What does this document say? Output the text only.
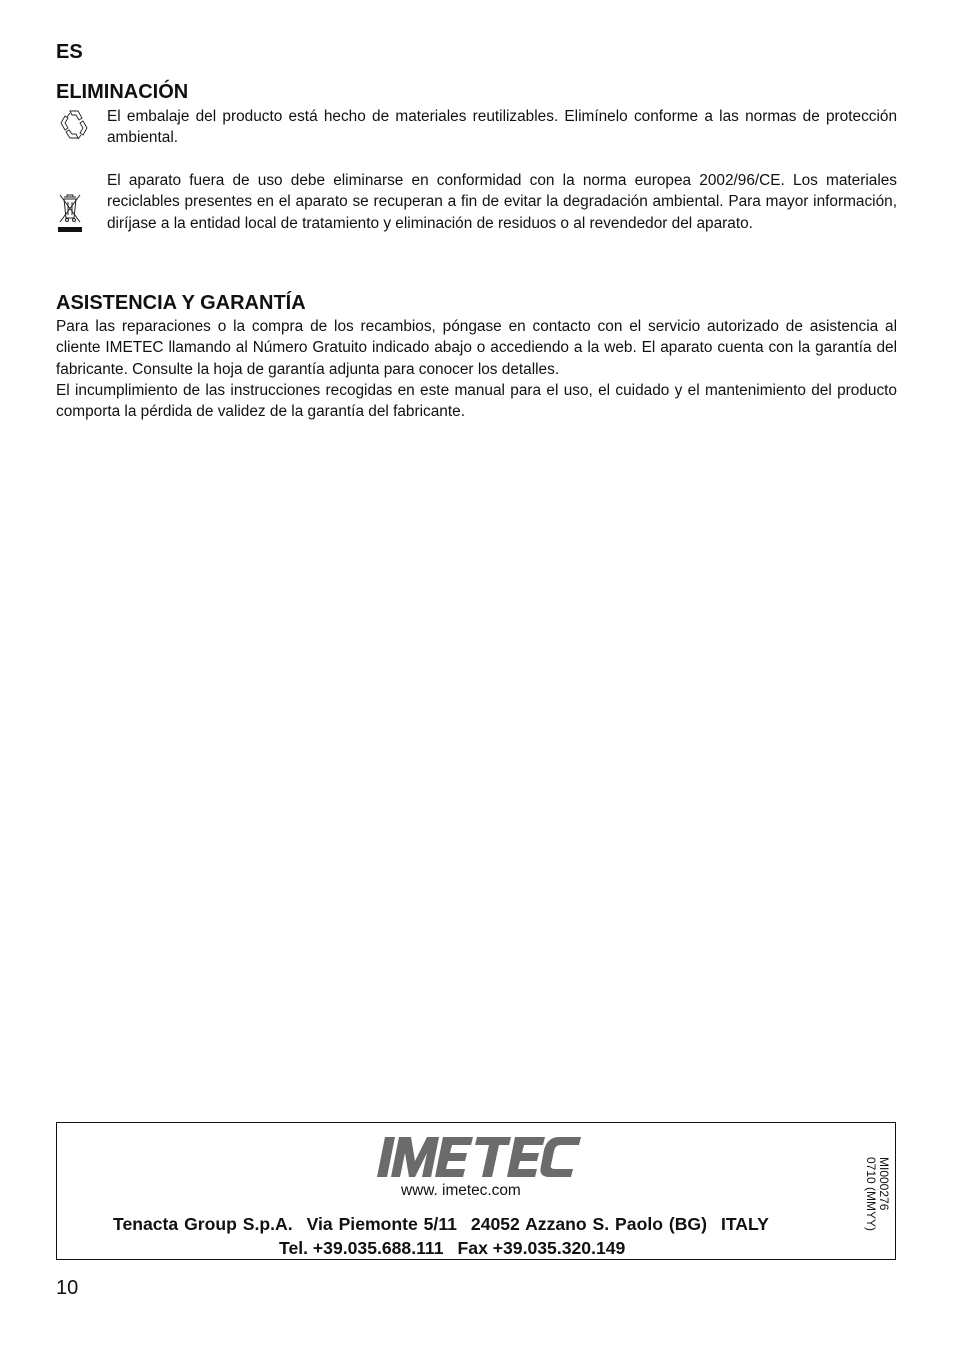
ES
ELIMINACIÓN

El embalaje del producto está hecho de materiales reutilizables. Elimínelo conforme a las normas de protección ambiental.

El aparato fuera de uso debe eliminarse en conformidad con la norma europea 2002/96/CE. Los materiales reciclables presentes en el aparato se recuperan a fin de evitar la degradación ambiental. Para mayor información, diríjase a la entidad local de tratamiento y eliminación de residuos o al revendedor del aparato.

ASISTENCIA Y GARANTÍA

Para las reparaciones o la compra de los recambios, póngase en contacto con el servicio autorizado de asistencia al cliente IMETEC llamando al Número Gratuito indicado abajo o accediendo a la web. El aparato cuenta con la garantía del fabricante. Consulte la hoja de garantía adjunta para conocer los detalles.

El incumplimiento de las instrucciones recogidas en este manual para el uso, el cuidado y el mantenimiento del producto comporta la pérdida de validez de la garantía del fabricante.

www. imetec.com
Tenacta Group S.p.A. Via Piemonte 5/11 24052 Azzano S. Paolo (BG) ITALY
Tel. +39.035.688.111 Fax +39.035.320.149
MI000276
0710 (MMYY)
10
